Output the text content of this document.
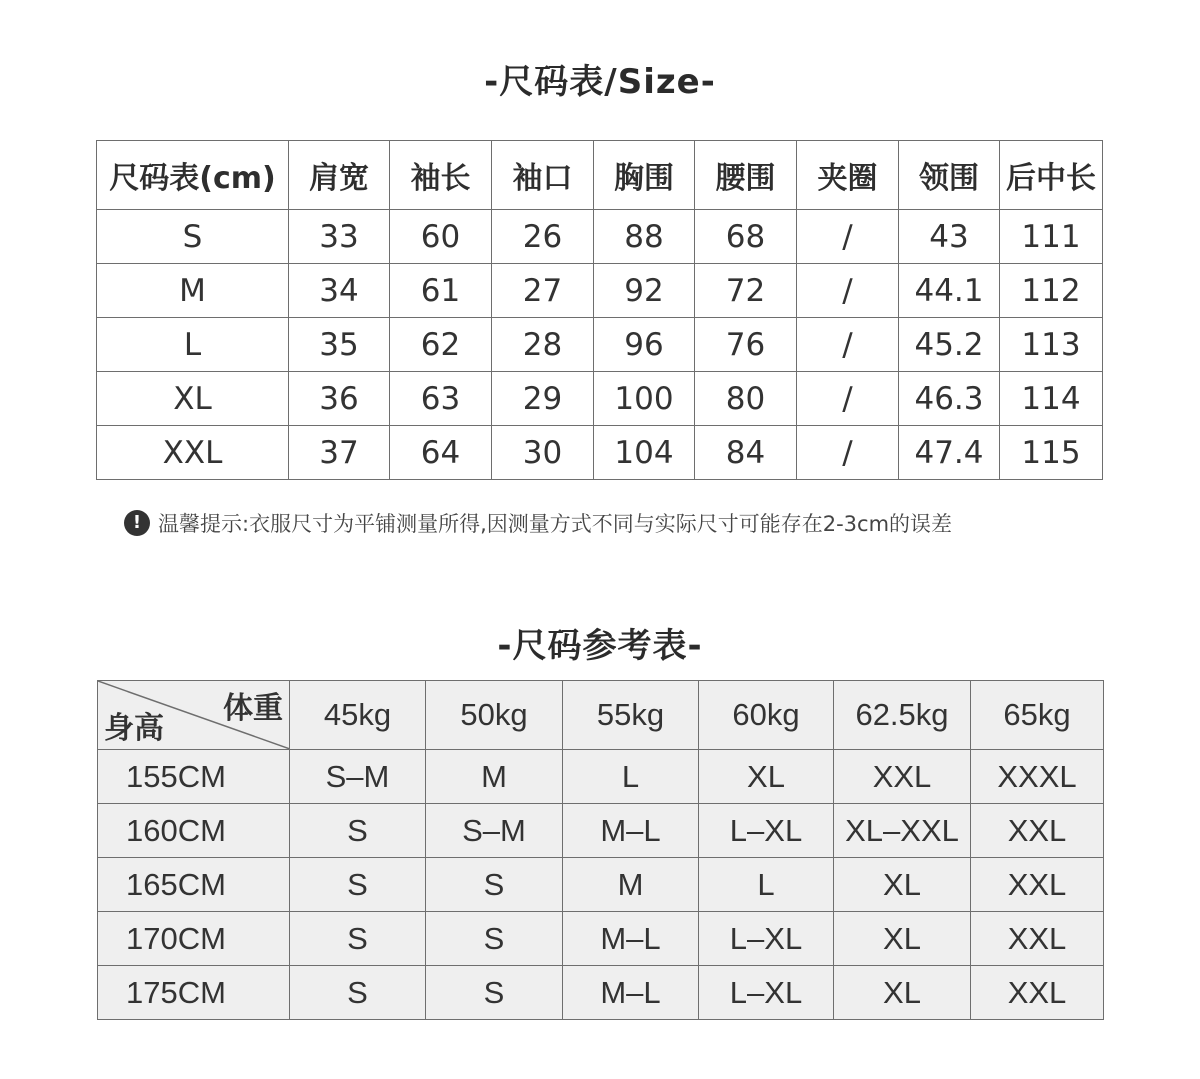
-尺码表/Size-
尺码表(cm)	肩宽	袖长	袖口	胸围	腰围	夹圈	领围	后中长
S	33	60	26	88	68	/	43	111
M	34	61	27	92	72	/	44.1	112
L	35	62	28	96	76	/	45.2	113
XL	36	63	29	100	80	/	46.3	114
XXL	37	64	30	104	84	/	47.4	115
! 温馨提示:衣服尺寸为平铺测量所得,因测量方式不同与实际尺寸可能存在2-3cm的误差
-尺码参考表-
体重
身高	45kg	50kg	55kg	60kg	62.5kg	65kg
155CM	S–M	M	L	XL	XXL	XXXL
160CM	S	S–M	M–L	L–XL	XL–XXL	XXL
165CM	S	S	M	L	XL	XXL
170CM	S	S	M–L	L–XL	XL	XXL
175CM	S	S	M–L	L–XL	XL	XXL
